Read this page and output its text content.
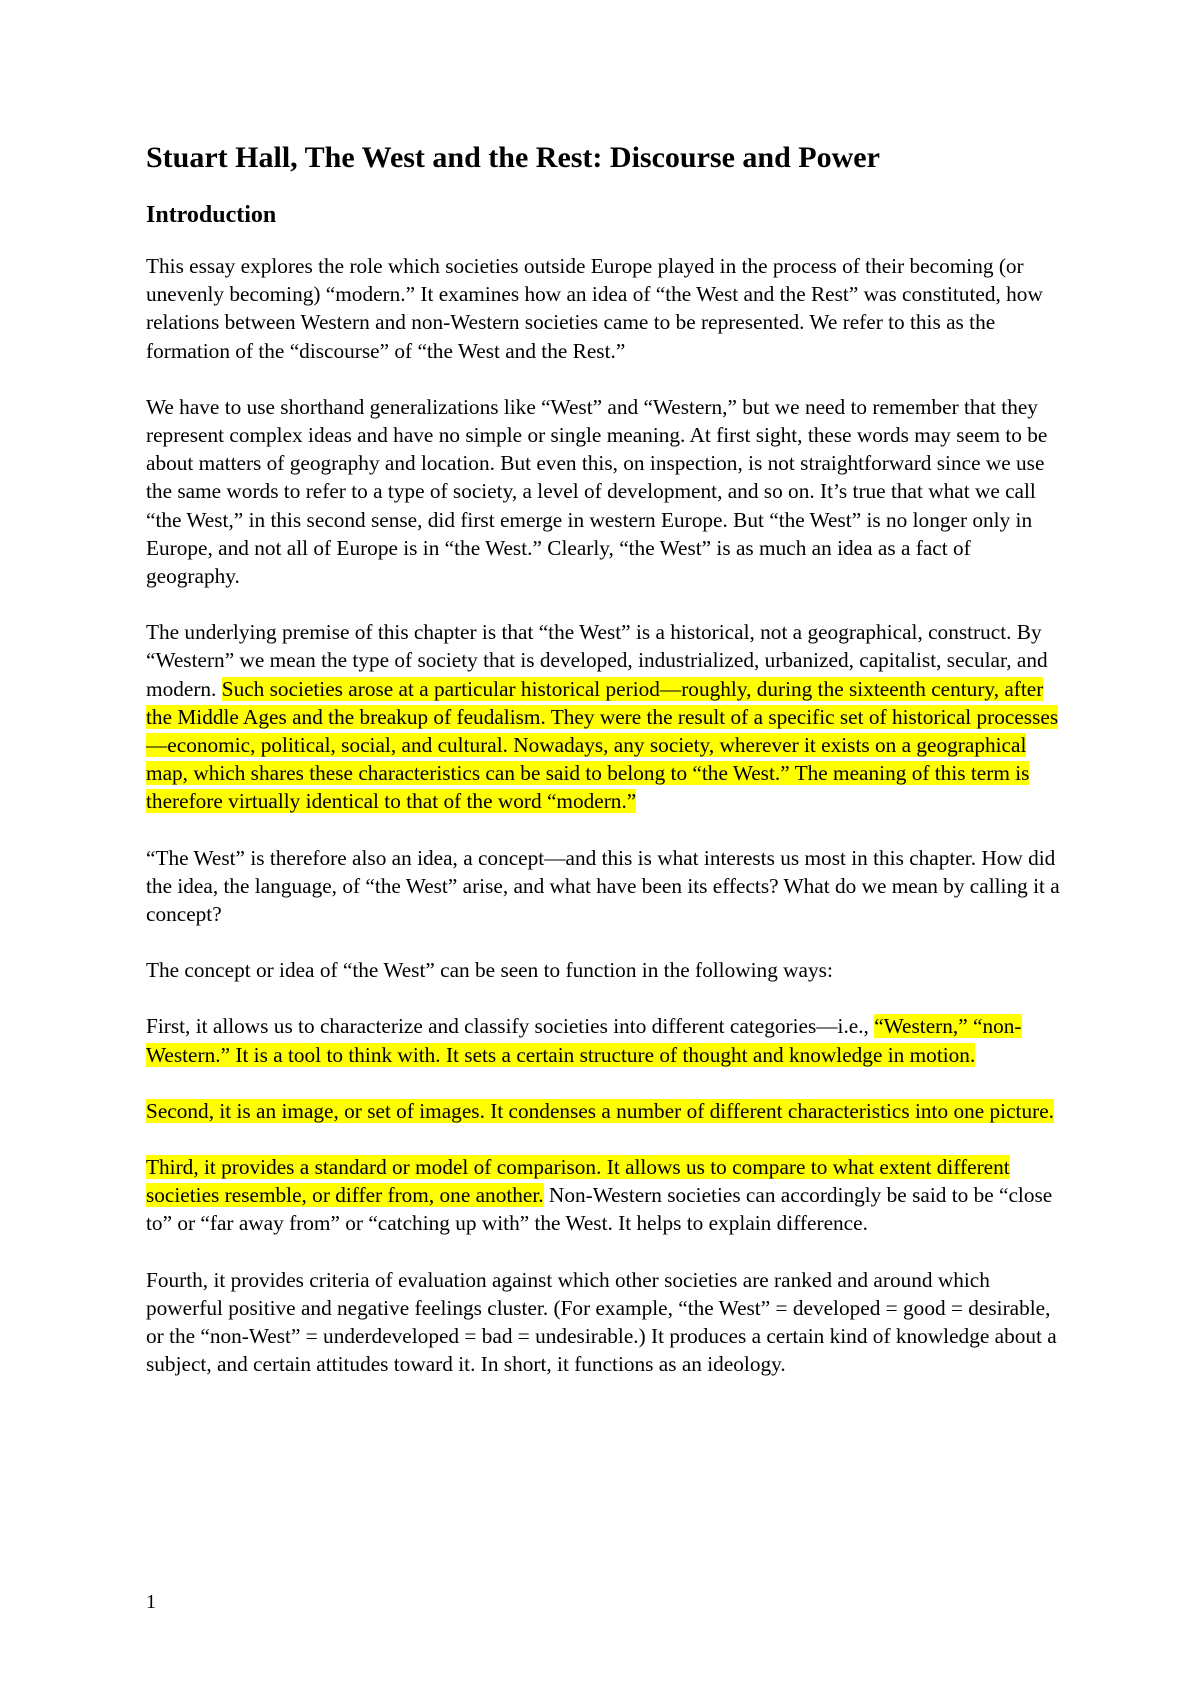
Stuart Hall, The West and the Rest: Discourse and Power
Introduction

This essay explores the role which societies outside Europe played in the process of their becoming (or unevenly becoming) “modern.” It examines how an idea of “the West and the Rest” was constituted, how relations between Western and non-Western societies came to be represented. We refer to this as the formation of the “discourse” of “the West and the Rest.”

We have to use shorthand generalizations like “West” and “Western,” but we need to remember that they represent complex ideas and have no simple or single meaning. At first sight, these words may seem to be about matters of geography and location. But even this, on inspection, is not straightforward since we use the same words to refer to a type of society, a level of development, and so on. It’s true that what we call “the West,” in this second sense, did first emerge in western Europe. But “the West” is no longer only in Europe, and not all of Europe is in “the West.” Clearly, “the West” is as much an idea as a fact of geography.

The underlying premise of this chapter is that “the West” is a historical, not a geographical, construct. By “Western” we mean the type of society that is developed, industrialized, urbanized, capitalist, secular, and modern. Such societies arose at a particular historical period—roughly, during the sixteenth century, after the Middle Ages and the breakup of feudalism. They were the result of a specific set of historical processes—economic, political, social, and cultural. Nowadays, any society, wherever it exists on a geographical map, which shares these characteristics can be said to belong to “the West.” The meaning of this term is therefore virtually identical to that of the word “modern.”

“The West” is therefore also an idea, a concept—and this is what interests us most in this chapter. How did the idea, the language, of “the West” arise, and what have been its effects? What do we mean by calling it a concept?

The concept or idea of “the West” can be seen to function in the following ways:

First, it allows us to characterize and classify societies into different categories—i.e., “Western,” “non-Western.” It is a tool to think with. It sets a certain structure of thought and knowledge in motion.

Second, it is an image, or set of images. It condenses a number of different characteristics into one picture.

Third, it provides a standard or model of comparison. It allows us to compare to what extent different societies resemble, or differ from, one another. Non-Western societies can accordingly be said to be “close to” or “far away from” or “catching up with” the West. It helps to explain difference.

Fourth, it provides criteria of evaluation against which other societies are ranked and around which powerful positive and negative feelings cluster. (For example, “the West” = developed = good = desirable, or the “non-West” = underdeveloped = bad = undesirable.) It produces a certain kind of knowledge about a subject, and certain attitudes toward it. In short, it functions as an ideology.

1
